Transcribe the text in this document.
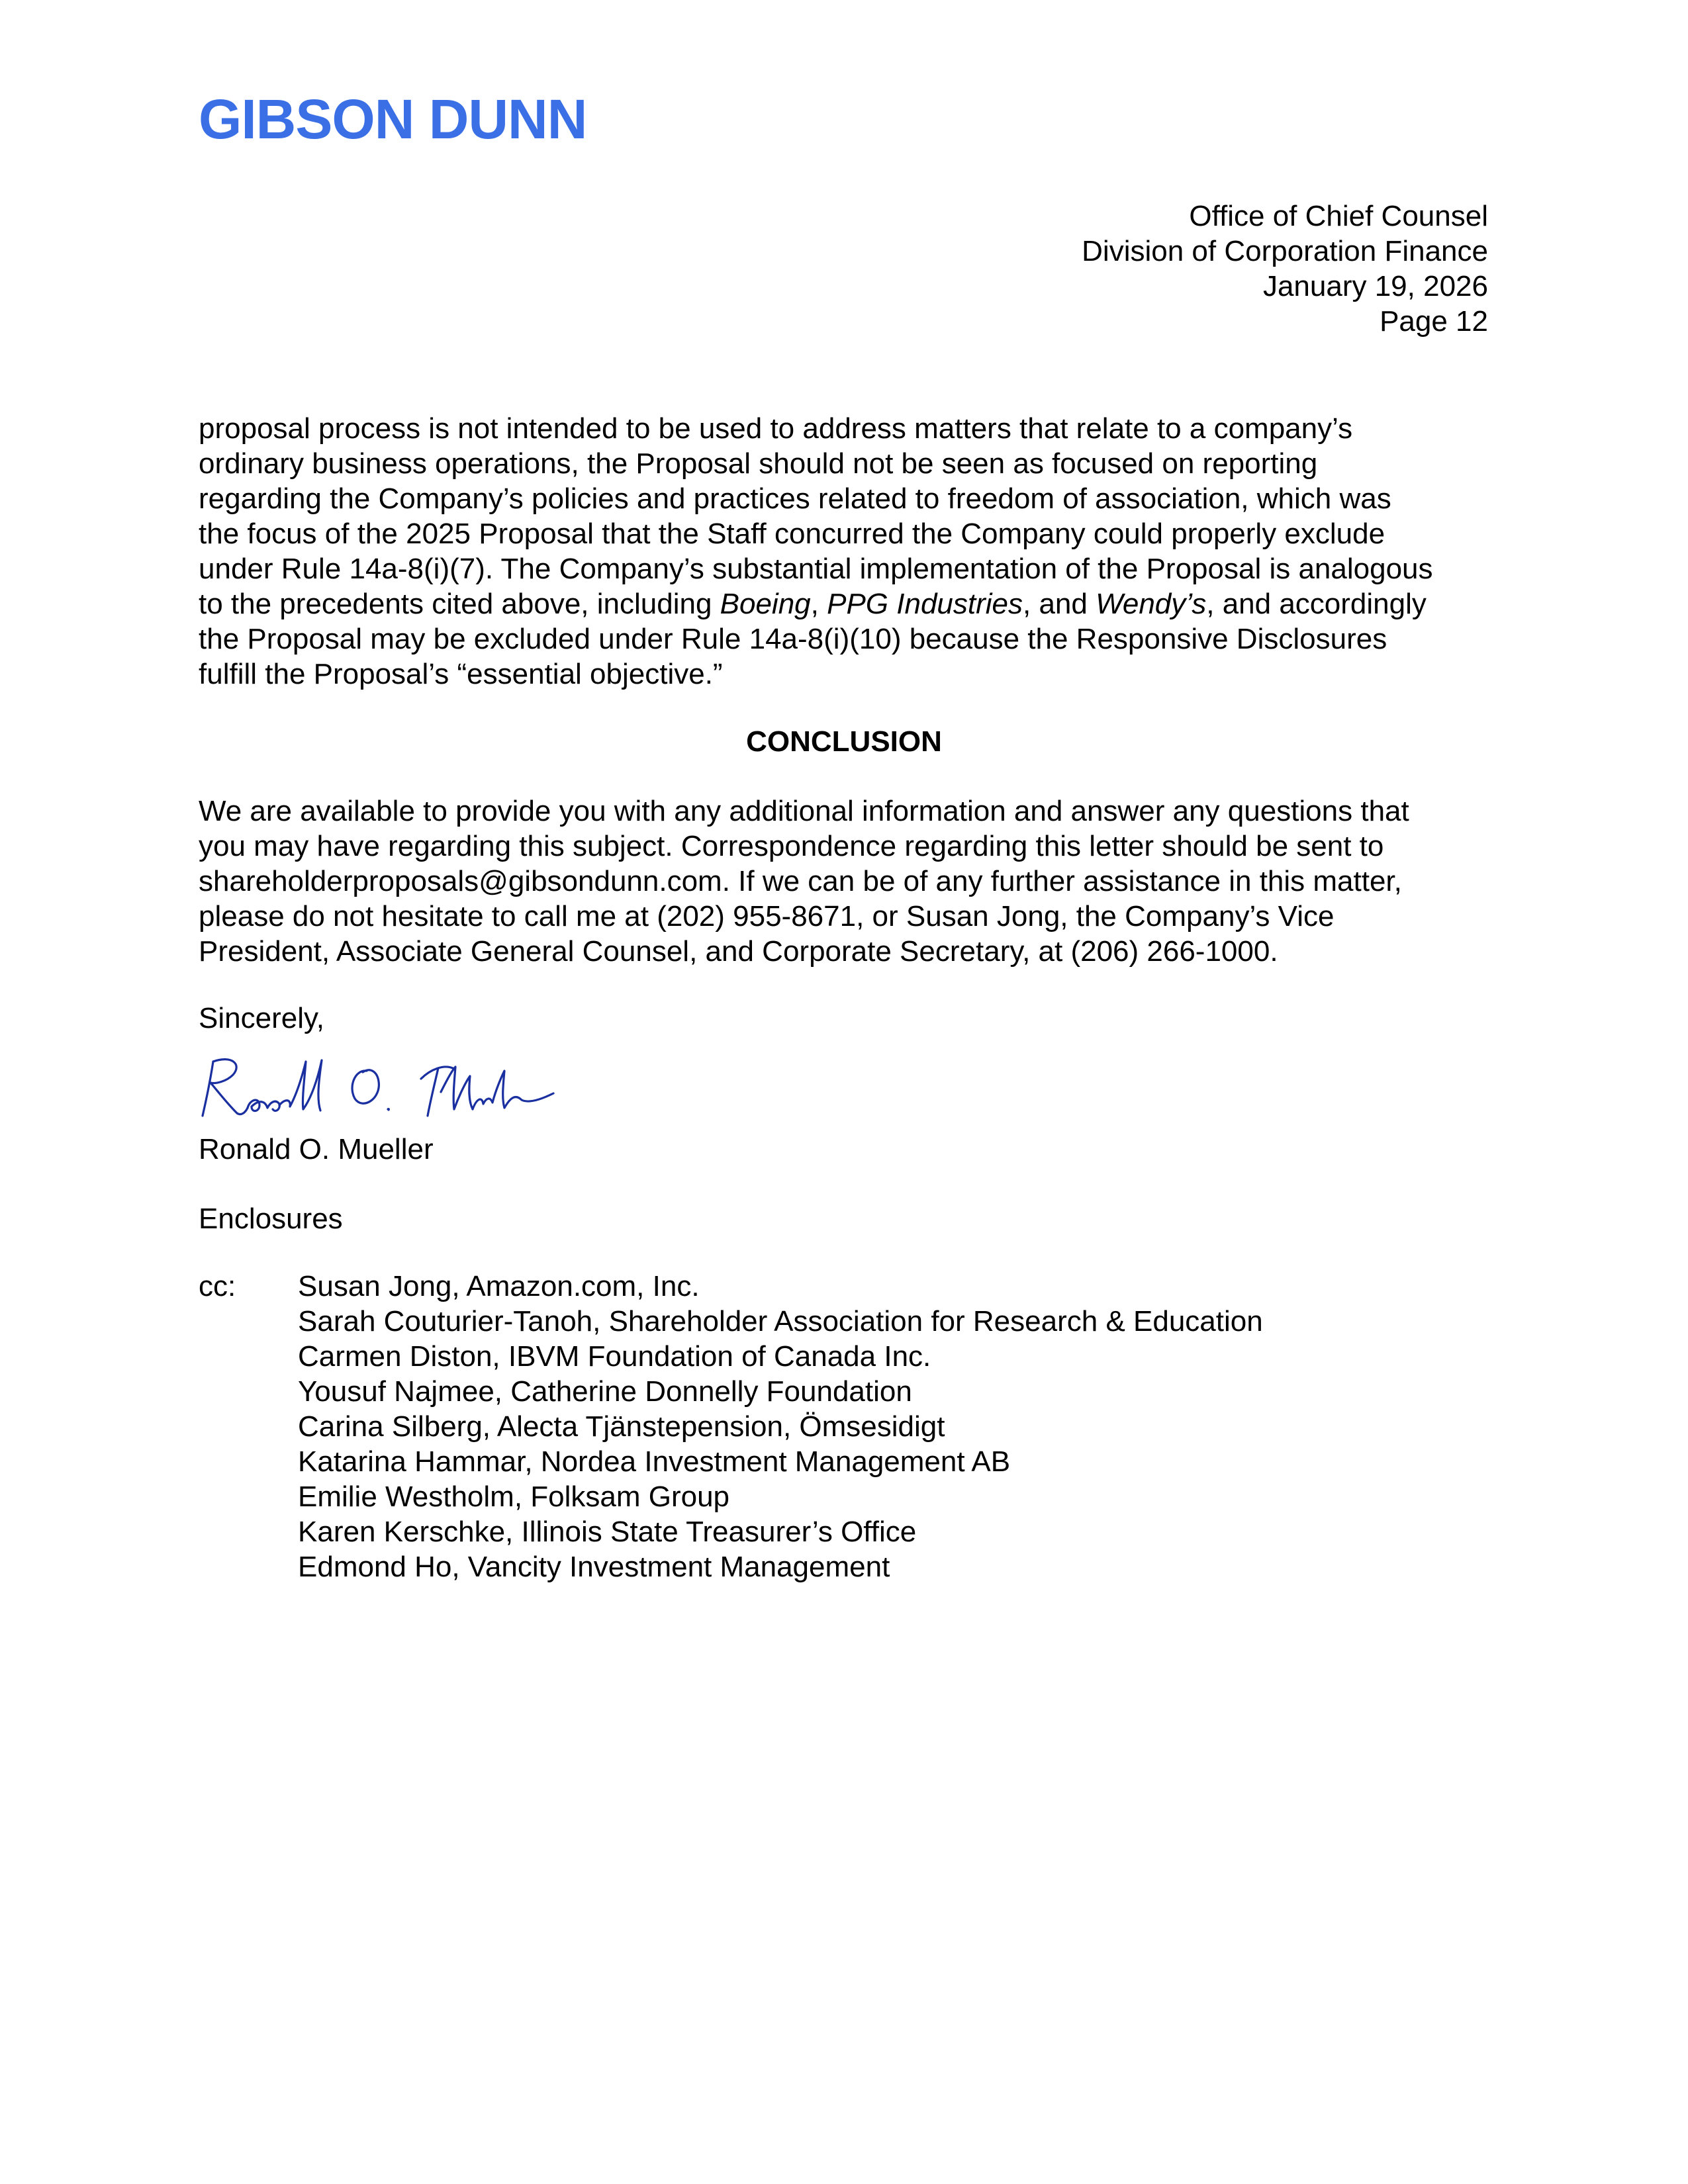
GIBSON DUNN
Office of Chief Counsel
Division of Corporation Finance
January 19, 2026
Page 12
proposal process is not intended to be used to address matters that relate to a company’s
ordinary business operations, the Proposal should not be seen as focused on reporting
regarding the Company’s policies and practices related to freedom of association, which was
the focus of the 2025 Proposal that the Staff concurred the Company could properly exclude
under Rule 14a-8(i)(7). The Company’s substantial implementation of the Proposal is analogous
to the precedents cited above, including Boeing, PPG Industries, and Wendy’s, and accordingly
the Proposal may be excluded under Rule 14a-8(i)(10) because the Responsive Disclosures
fulfill the Proposal’s “essential objective.”
CONCLUSION
We are available to provide you with any additional information and answer any questions that
you may have regarding this subject. Correspondence regarding this letter should be sent to
shareholderproposals@gibsondunn.com. If we can be of any further assistance in this matter,
please do not hesitate to call me at (202) 955-8671, or Susan Jong, the Company’s Vice
President, Associate General Counsel, and Corporate Secretary, at (206) 266-1000.
Sincerely,
Ronald O. Mueller
Enclosures
cc: Susan Jong, Amazon.com, Inc.
Sarah Couturier-Tanoh, Shareholder Association for Research & Education
Carmen Diston, IBVM Foundation of Canada Inc.
Yousuf Najmee, Catherine Donnelly Foundation
Carina Silberg, Alecta Tjänstepension, Ömsesidigt
Katarina Hammar, Nordea Investment Management AB
Emilie Westholm, Folksam Group
Karen Kerschke, Illinois State Treasurer’s Office
Edmond Ho, Vancity Investment Management
